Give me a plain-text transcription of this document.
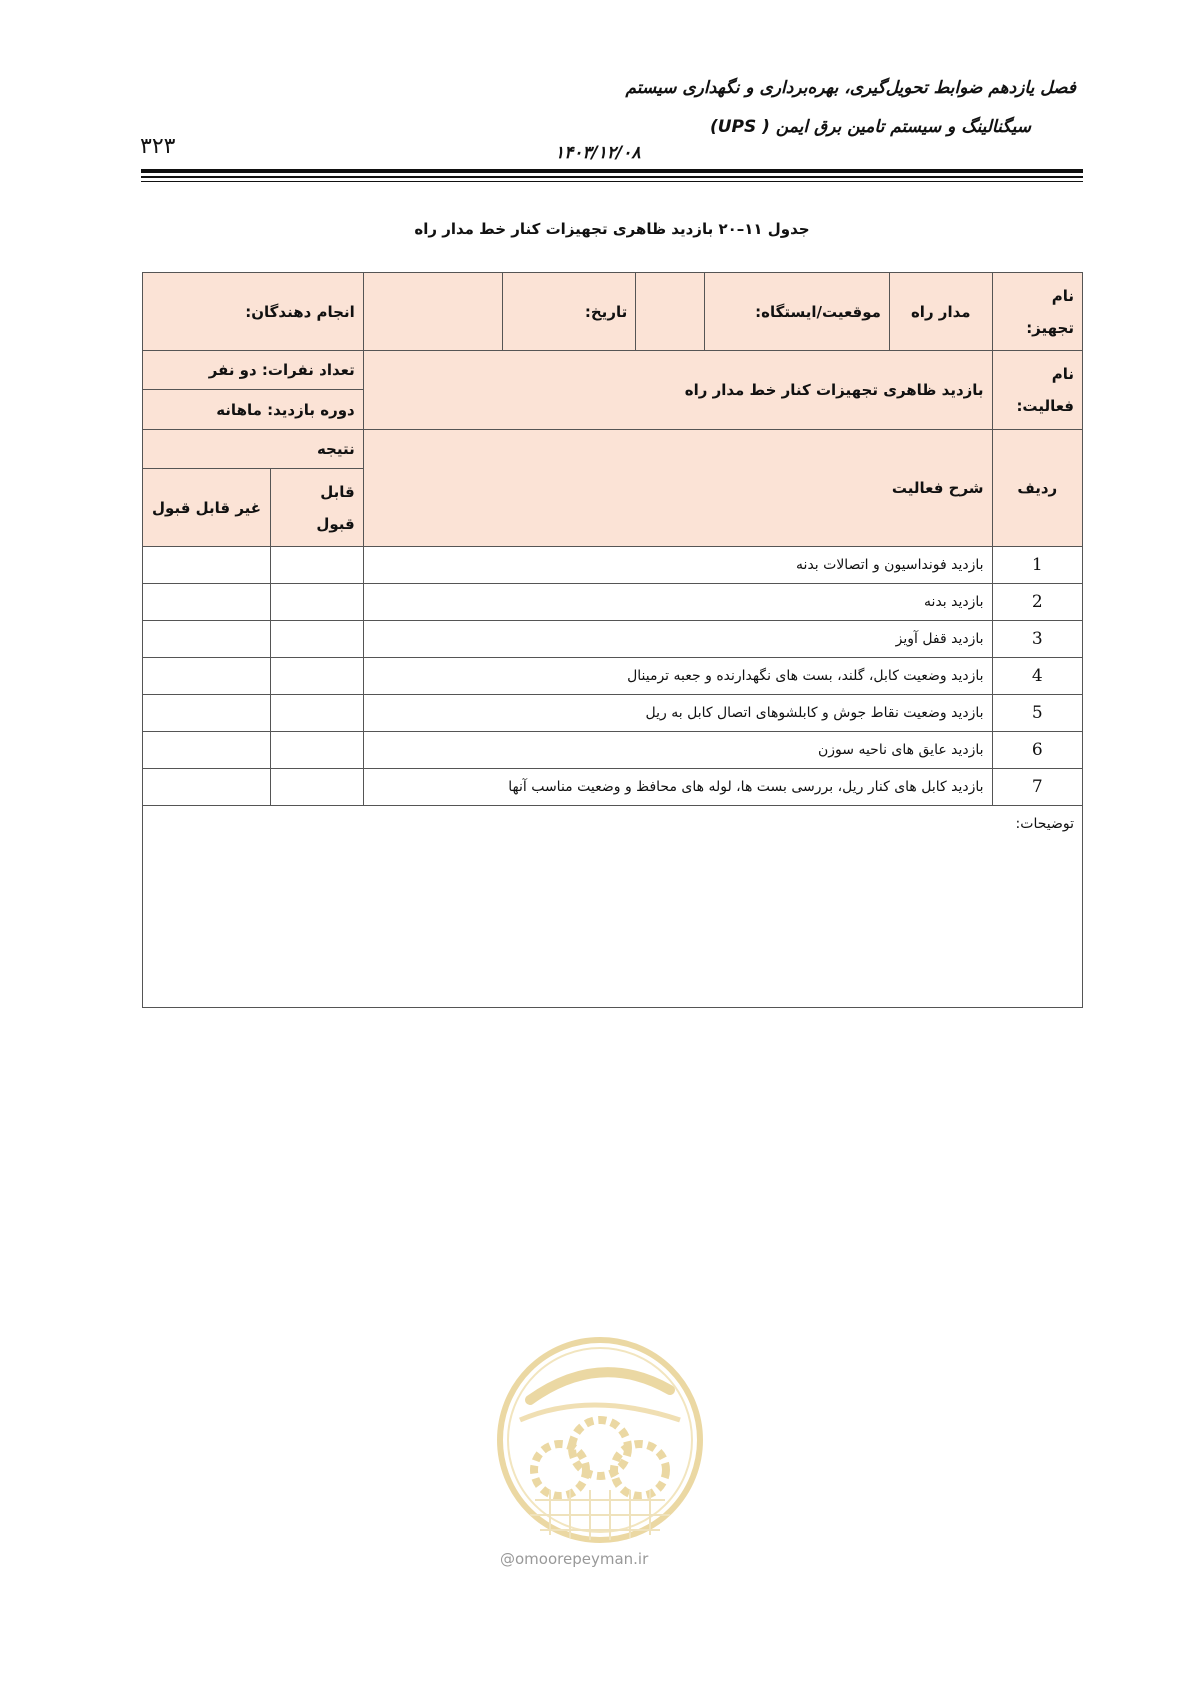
فصل یازدهم ضوابط تحویل‌گیری، بهره‌برداری و نگهداری سیستم
سیگنالینگ و سیستم تامین برق ایمن ( UPS)
۱۴۰۳/۱۲/۰۸
۳۲۳
جدول ۱۱–۲۰ بازدید ظاهری تجهیزات کنار خط مدار راه
نام تجهیز:	مدار راه	موقعیت/ایستگاه:		تاریخ:		انجام دهندگان:	
نام فعالیت:	بازدید ظاهری تجهیزات کنار خط مدار راه					تعداد نفرات: دو نفر	
						دوره بازدید: ماهانه	
ردیف	شرح فعالیت					نتیجه	
						قابل قبول	غیر قابل قبول
1	بازدید فونداسیون و اتصالات بدنه						
2	بازدید بدنه						
3	بازدید قفل آویز						
4	بازدید وضعیت کابل، گلند، بست های نگهدارنده و جعبه ترمینال						
5	بازدید وضعیت نقاط جوش و کابلشوهای اتصال کابل به ریل						
6	بازدید عایق های ناحیه سوزن						
7	بازدید کابل های کنار ریل، بررسی بست ها، لوله های محافظ و وضعیت مناسب آنها						
توضیحات:							
@omoorepeyman.ir
